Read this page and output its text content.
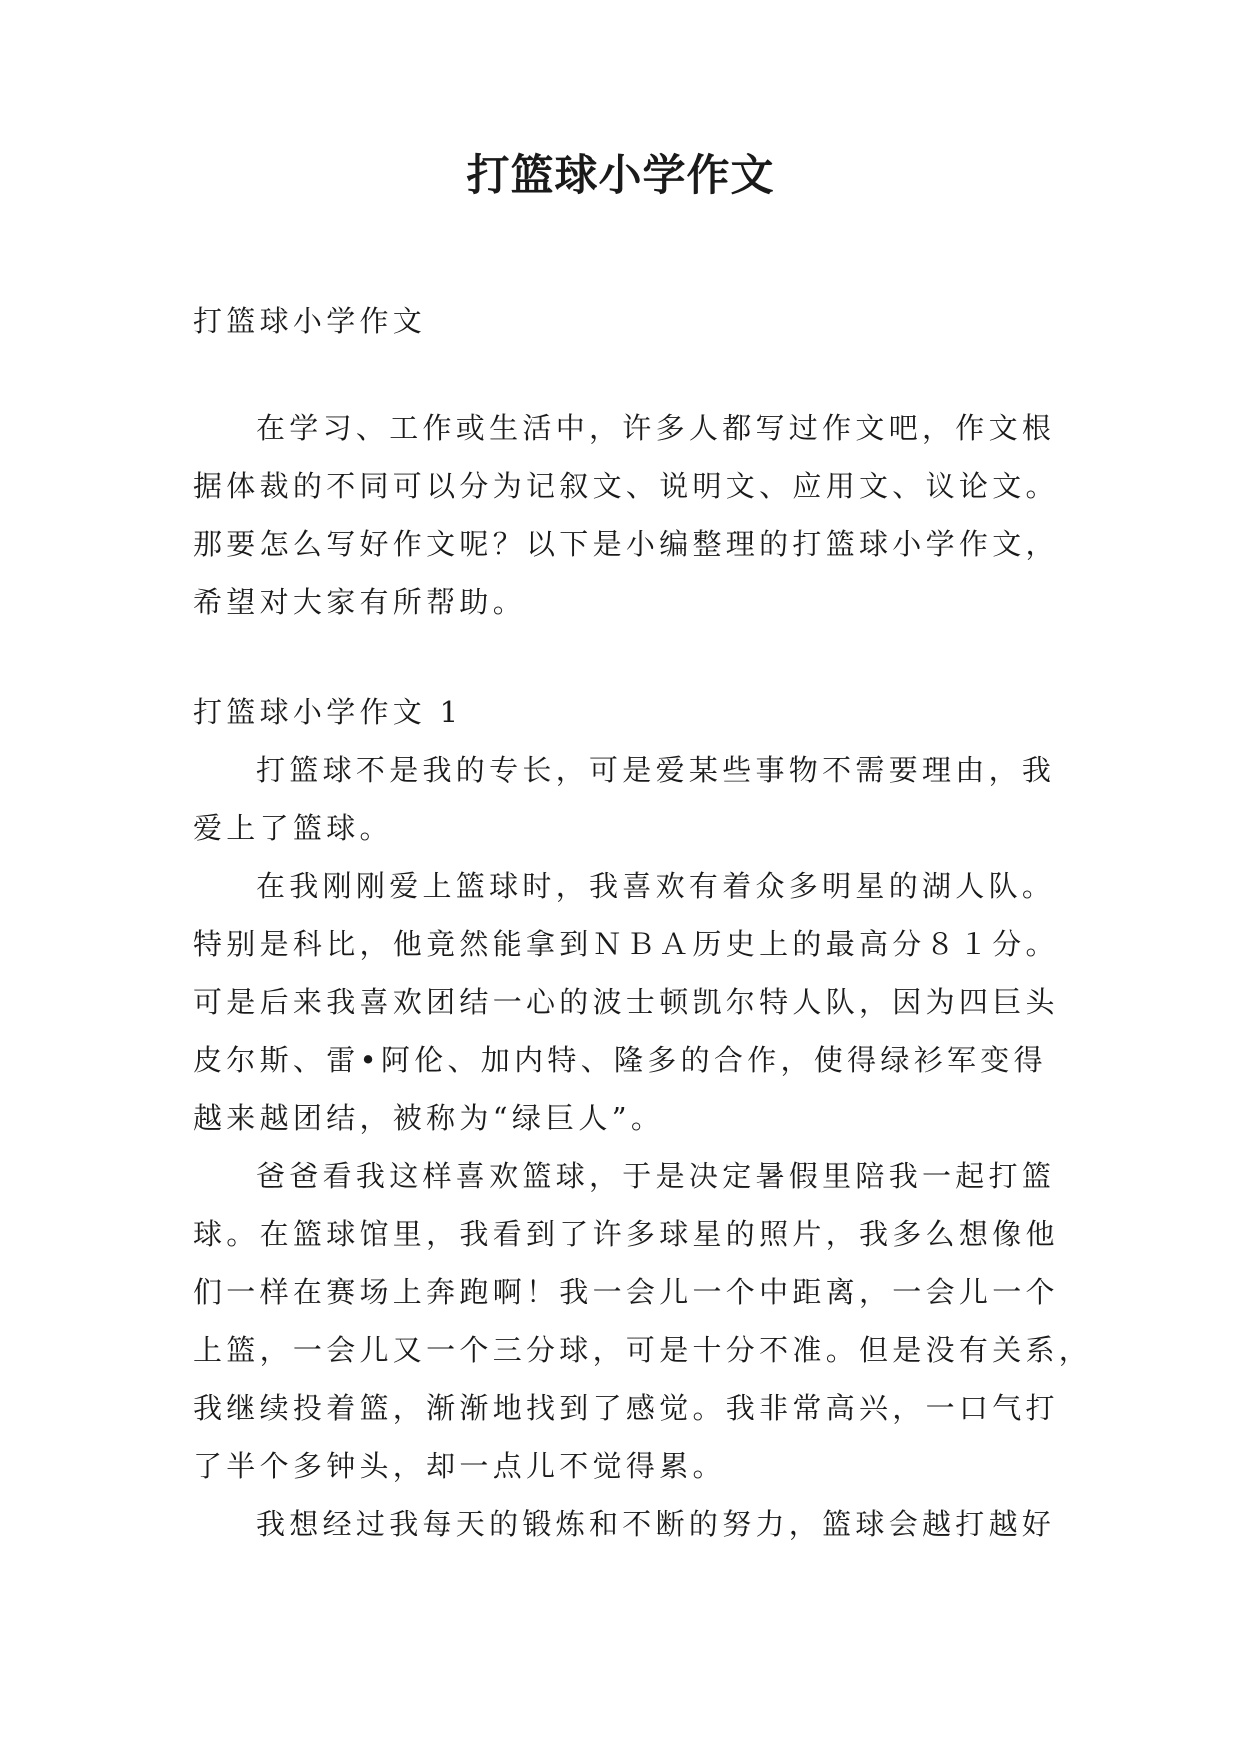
打篮球小学作文

打篮球小学作文

在学习、工作或生活中，许多人都写过作文吧，作文根
据体裁的不同可以分为记叙文、说明文、应用文、议论文。
那要怎么写好作文呢？以下是小编整理的打篮球小学作文，
希望对大家有所帮助。

打篮球小学作文 1

打篮球不是我的专长，可是爱某些事物不需要理由，我
爱上了篮球。

在我刚刚爱上篮球时，我喜欢有着众多明星的湖人队。
特别是科比，他竟然能拿到ＮＢＡ历史上的最高分８１分。
可是后来我喜欢团结一心的波士顿凯尔特人队，因为四巨头
皮尔斯、雷•阿伦、加内特、隆多的合作，使得绿衫军变得
越来越团结，被称为“绿巨人”。

爸爸看我这样喜欢篮球，于是决定暑假里陪我一起打篮
球。在篮球馆里，我看到了许多球星的照片，我多么想像他
们一样在赛场上奔跑啊！我一会儿一个中距离，一会儿一个
上篮，一会儿又一个三分球，可是十分不准。但是没有关系，
我继续投着篮，渐渐地找到了感觉。我非常高兴，一口气打
了半个多钟头，却一点儿不觉得累。

我想经过我每天的锻炼和不断的努力，篮球会越打越好
